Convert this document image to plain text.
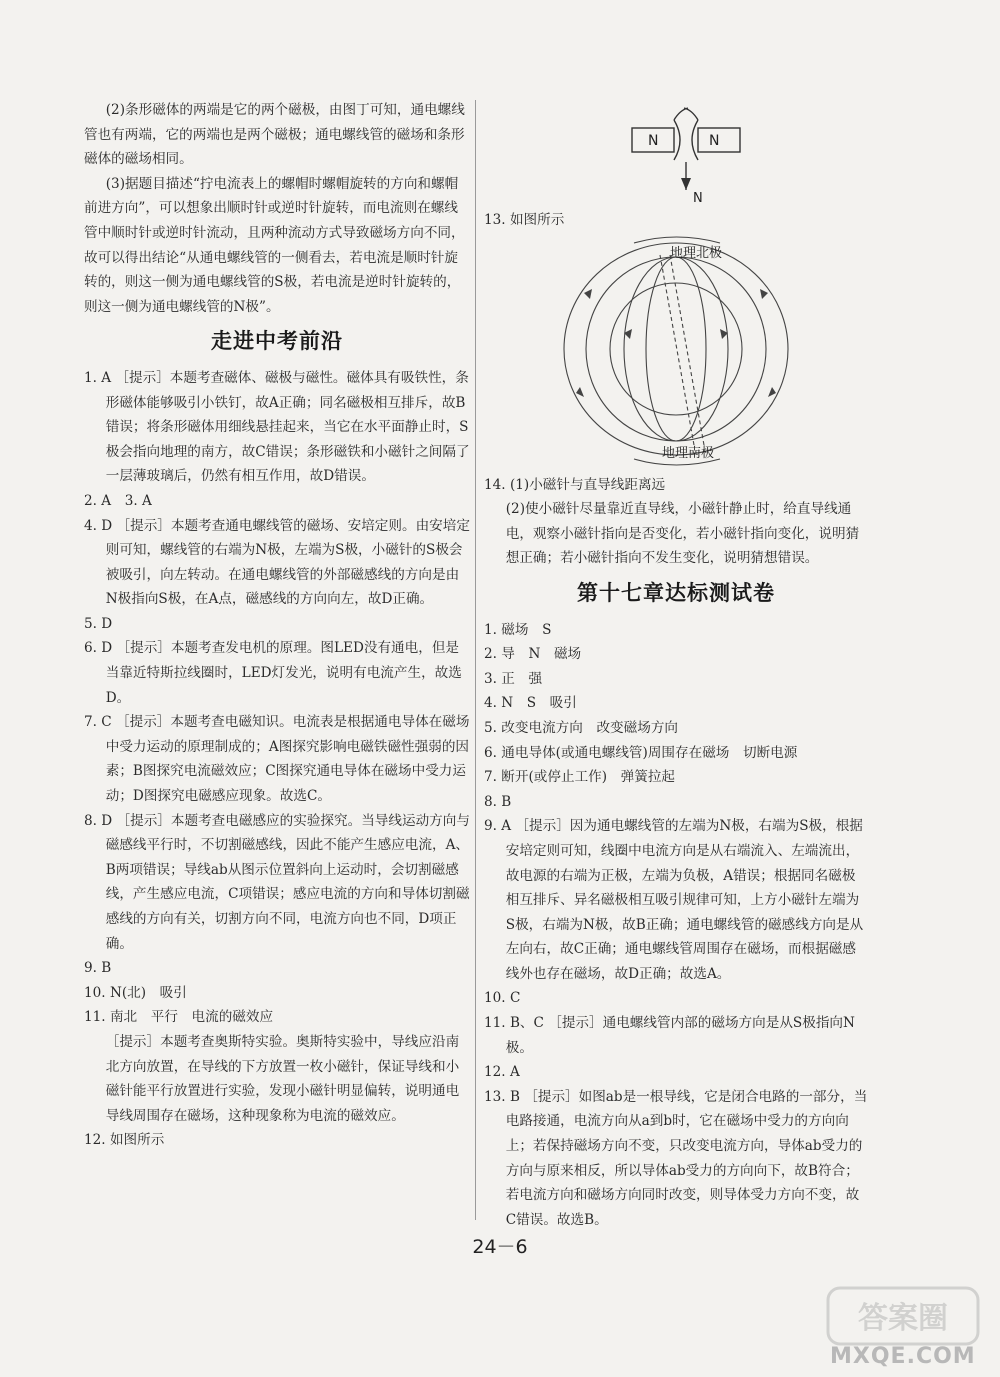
(2)条形磁体的两端是它的两个磁极，由图丁可知，通电螺线管也有两端，它的两端也是两个磁极；通电螺线管的磁场和条形磁体的磁场相同。

(3)据题目描述“拧电流表上的螺帽时螺帽旋转的方向和螺帽前进方向”，可以想象出顺时针或逆时针旋转，而电流则在螺线管中顺时针或逆时针流动，且两种流动方式导致磁场方向不同，故可以得出结论“从通电螺线管的一侧看去，若电流是顺时针旋转的，则这一侧为通电螺线管的S极，若电流是逆时针旋转的，则这一侧为通电螺线管的N极”。

走进中考前沿

1. A ［提示］本题考查磁体、磁极与磁性。磁体具有吸铁性，条形磁体能够吸引小铁钉，故A正确；同名磁极相互排斥，故B错误；将条形磁体用细线悬挂起来，当它在水平面静止时，S极会指向地理的南方，故C错误；条形磁铁和小磁针之间隔了一层薄玻璃后，仍然有相互作用，故D错误。

2. A　3. A

4. D ［提示］本题考查通电螺线管的磁场、安培定则。由安培定则可知，螺线管的右端为N极，左端为S极，小磁针的S极会被吸引，向左转动。在通电螺线管的外部磁感线的方向是由N极指向S极，在A点，磁感线的方向向左，故D正确。

5. D

6. D ［提示］本题考查发电机的原理。图LED没有通电，但是当靠近特斯拉线圈时，LED灯发光，说明有电流产生，故选D。

7. C ［提示］本题考查电磁知识。电流表是根据通电导体在磁场中受力运动的原理制成的；A图探究影响电磁铁磁性强弱的因素；B图探究电流磁效应；C图探究通电导体在磁场中受力运动；D图探究电磁感应现象。故选C。

8. D ［提示］本题考查电磁感应的实验探究。当导线运动方向与磁感线平行时，不切割磁感线，因此不能产生感应电流，A、B两项错误；导线ab从图示位置斜向上运动时，会切割磁感线，产生感应电流，C项错误；感应电流的方向和导体切割磁感线的方向有关，切割方向不同，电流方向也不同，D项正确。

9. B

10. N(北)　吸引

11. 南北　平行　电流的磁效应

［提示］本题考查奥斯特实验。奥斯特实验中，导线应沿南北方向放置，在导线的下方放置一枚小磁针，保证导线和小磁针能平行放置进行实验，发现小磁针明显偏转，说明通电导线周围存在磁场，这种现象称为电流的磁效应。

12. 如图所示

N	N
N

13. 如图所示

地理北极
地理南极

14. (1)小磁针与直导线距离远

(2)使小磁针尽量靠近直导线，小磁针静止时，给直导线通电，观察小磁针指向是否变化，若小磁针指向变化，说明猜想正确；若小磁针指向不发生变化，说明猜想错误。

第十七章达标测试卷

1. 磁场　S

2. 导　N　磁场

3. 正　强

4. N　S　吸引

5. 改变电流方向　改变磁场方向

6. 通电导体(或通电螺线管)周围存在磁场　切断电源

7. 断开(或停止工作)　弹簧拉起

8. B

9. A ［提示］因为通电螺线管的左端为N极，右端为S极，根据安培定则可知，线圈中电流方向是从右端流入、左端流出，故电源的右端为正极，左端为负极，A错误；根据同名磁极相互排斥、异名磁极相互吸引规律可知，上方小磁针左端为S极，右端为N极，故B正确；通电螺线管的磁感线方向是从左向右，故C正确；通电螺线管周围存在磁场，而根据磁感线外也存在磁场，故D正确；故选A。

10. C

11. B、C ［提示］通电螺线管内部的磁场方向是从S极指向N极。

12. A

13. B ［提示］如图ab是一根导线，它是闭合电路的一部分，当电路接通，电流方向从a到b时，它在磁场中受力的方向向上；若保持磁场方向不变，只改变电流方向，导体ab受力的方向与原来相反，所以导体ab受力的方向向下，故B符合；若电流方向和磁场方向同时改变，则导体受力方向不变，故C错误。故选B。

24－6
答案圈
MXQE.COM
